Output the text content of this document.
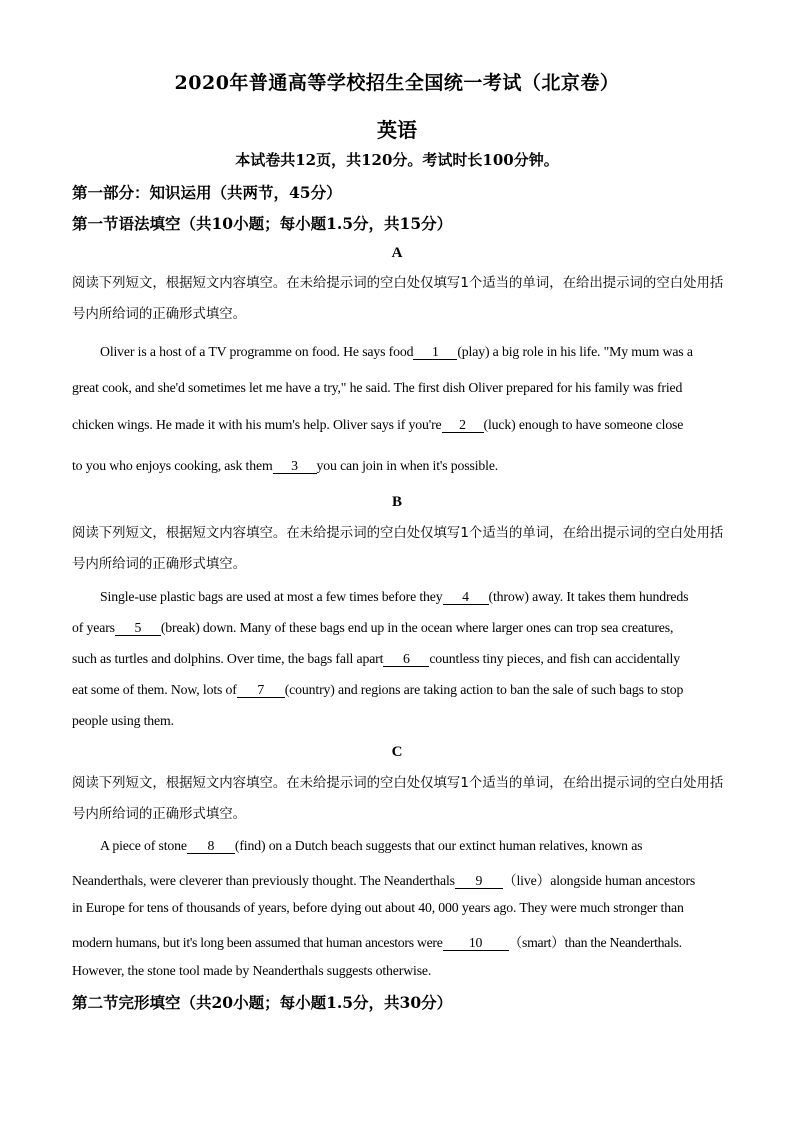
2020年普通高等学校招生全国统一考试（北京卷）
英语
本试卷共12页，共120分。考试时长100分钟。
第一部分：知识运用（共两节，45分）
第一节语法填空（共10小题；每小题1.5分，共15分）
A
阅读下列短文，根据短文内容填空。在未给提示词的空白处仅填写1个适当的单词，在给出提示词的空白处用括号内所给词的正确形式填空。
Oliver is a host of a TV programme on food. He says food 1 (play) a big role in his life. "My mum was a
great cook, and she'd sometimes let me have a try," he said. The first dish Oliver prepared for his family was fried
chicken wings. He made it with his mum's help. Oliver says if you're 2 (luck) enough to have someone close
to you who enjoys cooking, ask them 3 you can join in when it's possible.
B
阅读下列短文，根据短文内容填空。在未给提示词的空白处仅填写1个适当的单词，在给出提示词的空白处用括号内所给词的正确形式填空。
Single-use plastic bags are used at most a few times before they 4 (throw) away. It takes them hundreds
of years 5 (break) down. Many of these bags end up in the ocean where larger ones can trop sea creatures,
such as turtles and dolphins. Over time, the bags fall apart 6 countless tiny pieces, and fish can accidentally
eat some of them. Now, lots of 7 (country) and regions are taking action to ban the sale of such bags to stop
people using them.
C
阅读下列短文，根据短文内容填空。在未给提示词的空白处仅填写1个适当的单词，在给出提示词的空白处用括号内所给词的正确形式填空。
A piece of stone 8 (find) on a Dutch beach suggests that our extinct human relatives, known as
Neanderthals, were cleverer than previously thought. The Neanderthals 9 （live）alongside human ancestors
in Europe for tens of thousands of years, before dying out about 40, 000 years ago. They were much stronger than
modern humans, but it's long been assumed that human ancestors were 10 （smart）than the Neanderthals.
However, the stone tool made by Neanderthals suggests otherwise.
第二节完形填空（共20小题；每小题1.5分，共30分）
